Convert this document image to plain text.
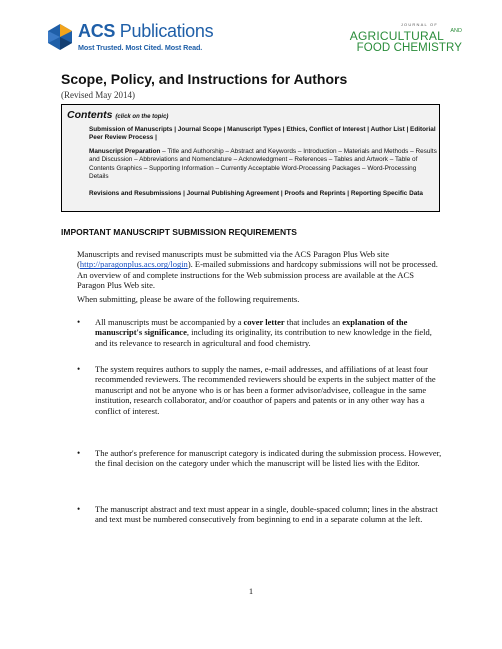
ACS Publications
Most Trusted. Most Cited. Most Read.
JOURNAL OF
AGRICULTURAL AND
FOOD CHEMISTRY
Scope, Policy, and Instructions for Authors
(Revised May 2014)
Contents (click on the topic)
Submission of Manuscripts | Journal Scope | Manuscript Types | Ethics, Conflict of Interest | Author List | Editorial Peer Review Process |
Manuscript Preparation – Title and Authorship – Abstract and Keywords – Introduction – Materials and Methods – Results and Discussion – Abbreviations and Nomenclature – Acknowledgment – References – Tables and Artwork – Table of Contents Graphics – Supporting Information – Currently Acceptable Word-Processing Packages – Word-Processing Details
Revisions and Resubmissions | Journal Publishing Agreement | Proofs and Reprints | Reporting Specific Data
IMPORTANT MANUSCRIPT SUBMISSION REQUIREMENTS
Manuscripts and revised manuscripts must be submitted via the ACS Paragon Plus Web site (http://paragonplus.acs.org/login). E-mailed submissions and hardcopy submissions will not be processed. An overview of and complete instructions for the Web submission process are available at the ACS Paragon Plus Web site.
When submitting, please be aware of the following requirements.
• All manuscripts must be accompanied by a cover letter that includes an explanation of the manuscript's significance, including its originality, its contribution to new knowledge in the field, and its relevance to research in agricultural and food chemistry.
• The system requires authors to supply the names, e-mail addresses, and affiliations of at least four recommended reviewers. The recommended reviewers should be experts in the subject matter of the manuscript and not be anyone who is or has been a former advisor/advisee, colleague in the same institution, research collaborator, and/or coauthor of papers and patents or in any other way has a conflict of interest.
• The author's preference for manuscript category is indicated during the submission process. However, the final decision on the category under which the manuscript will be listed lies with the Editor.
• The manuscript abstract and text must appear in a single, double-spaced column; lines in the abstract and text must be numbered consecutively from beginning to end in a separate column at the left.
1
